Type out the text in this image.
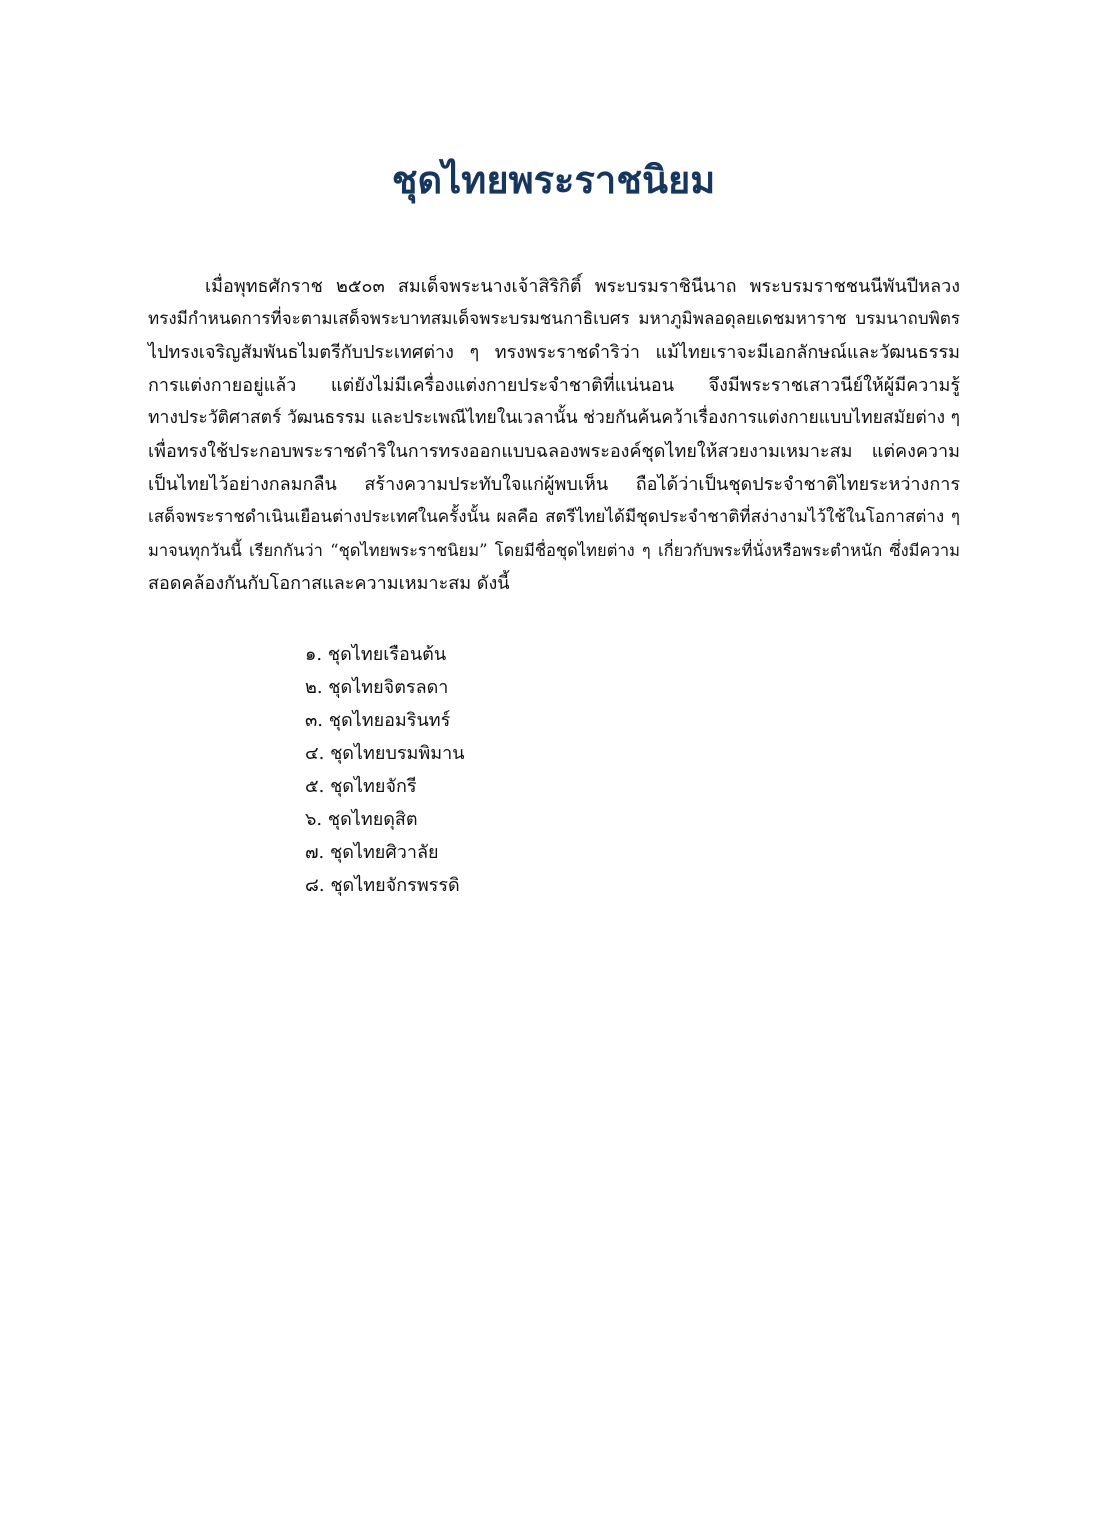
ชุดไทยพระราชนิยม
เมื่อพุทธศักราช ๒๕๐๓ สมเด็จพระนางเจ้าสิริกิติ์ พระบรมราชินีนาถ พระบรมราชชนนีพันปีหลวง
ทรงมีกำหนดการที่จะตามเสด็จพระบาทสมเด็จพระบรมชนกาธิเบศร มหาภูมิพลอดุลยเดชมหาราช บรมนาถบพิตร
ไปทรงเจริญสัมพันธไมตรีกับประเทศต่าง ๆ ทรงพระราชดำริว่า แม้ไทยเราจะมีเอกลักษณ์และวัฒนธรรม
การแต่งกายอยู่แล้ว แต่ยังไม่มีเครื่องแต่งกายประจำชาติที่แน่นอน จึงมีพระราชเสาวนีย์ให้ผู้มีความรู้
ทางประวัติศาสตร์ วัฒนธรรม และประเพณีไทยในเวลานั้น ช่วยกันค้นคว้าเรื่องการแต่งกายแบบไทยสมัยต่าง ๆ
เพื่อทรงใช้ประกอบพระราชดำริในการทรงออกแบบฉลองพระองค์ชุดไทยให้สวยงามเหมาะสม แต่คงความ
เป็นไทยไว้อย่างกลมกลืน สร้างความประทับใจแก่ผู้พบเห็น ถือได้ว่าเป็นชุดประจำชาติไทยระหว่างการ
เสด็จพระราชดำเนินเยือนต่างประเทศในครั้งนั้น ผลคือ สตรีไทยได้มีชุดประจำชาติที่สง่างามไว้ใช้ในโอกาสต่าง ๆ
มาจนทุกวันนี้ เรียกกันว่า “ชุดไทยพระราชนิยม” โดยมีชื่อชุดไทยต่าง ๆ เกี่ยวกับพระที่นั่งหรือพระตำหนัก ซึ่งมีความ
สอดคล้องกันกับโอกาสและความเหมาะสม ดังนี้
๑. ชุดไทยเรือนต้น
๒. ชุดไทยจิตรลดา
๓. ชุดไทยอมรินทร์
๔. ชุดไทยบรมพิมาน
๕. ชุดไทยจักรี
๖. ชุดไทยดุสิต
๗. ชุดไทยศิวาลัย
๘. ชุดไทยจักรพรรดิ
